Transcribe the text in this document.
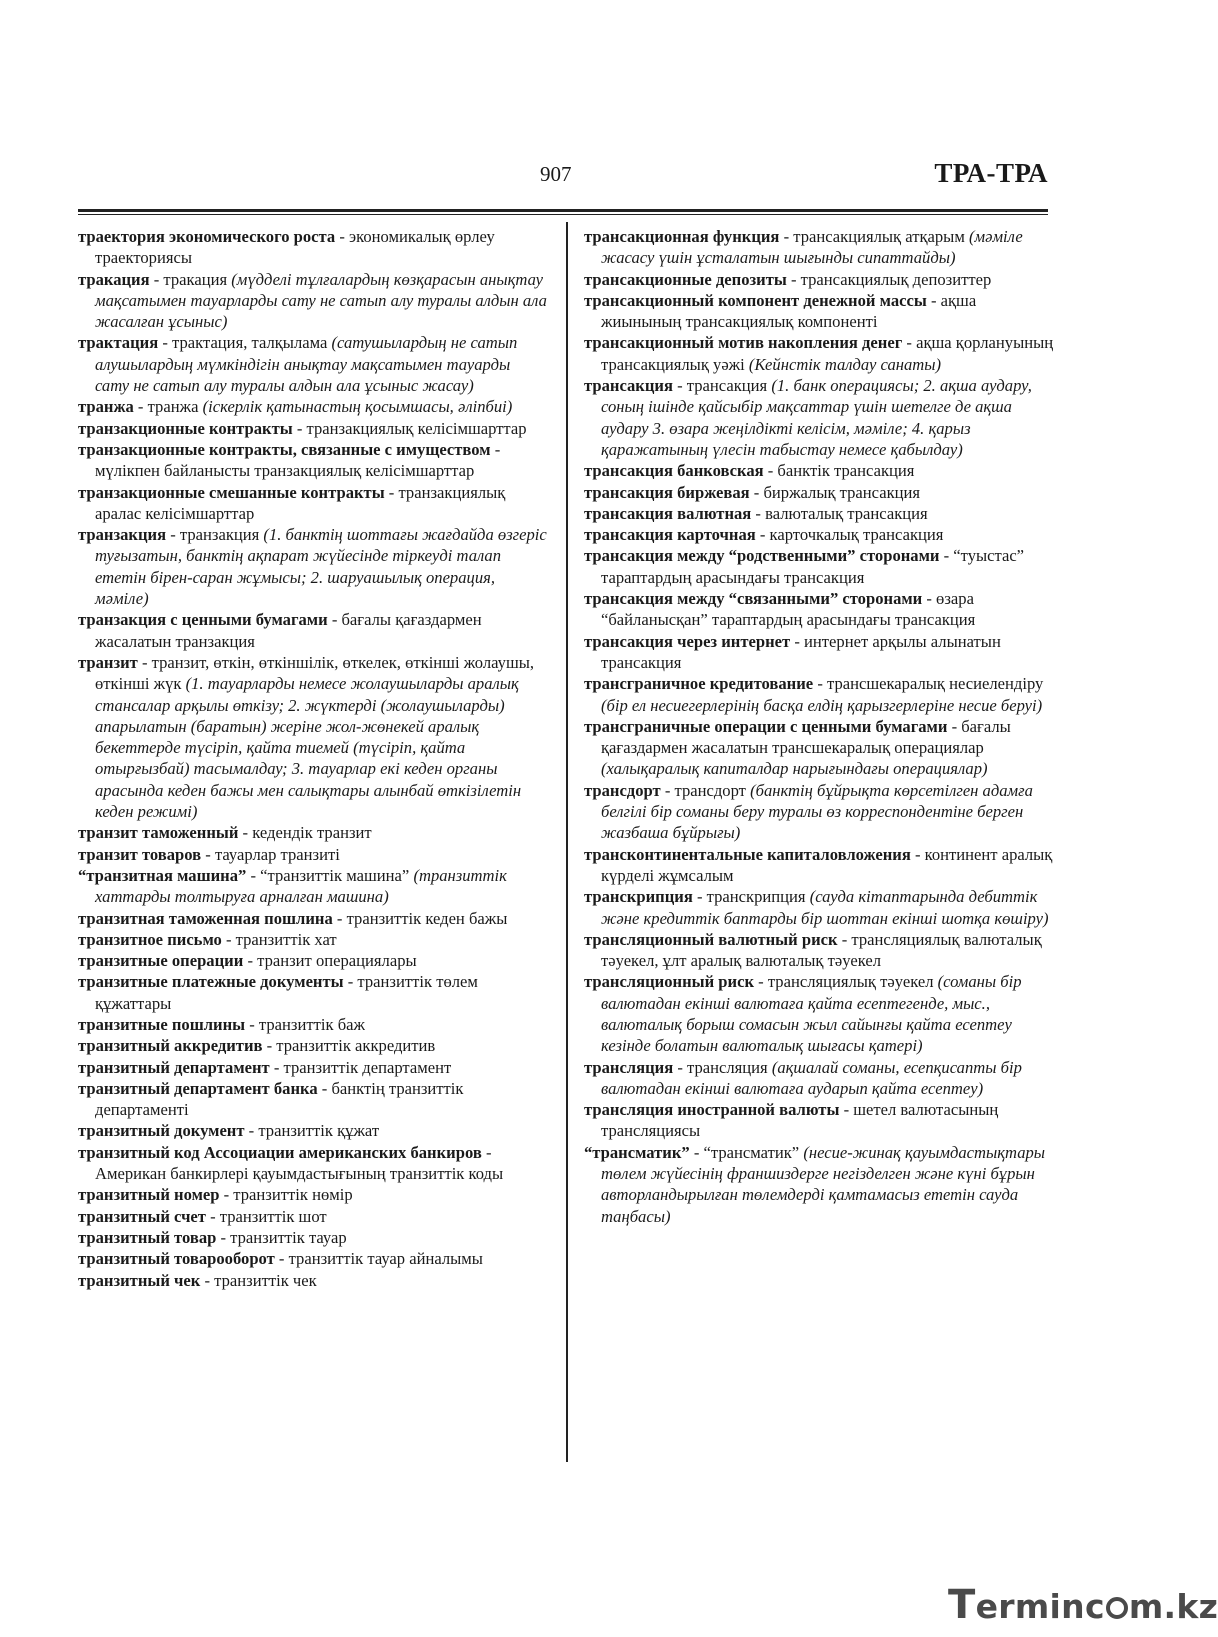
907	ТРА-ТРА

траектория экономического роста - экономикалық өрлеу траекториясы

тракация - тракация (мүдделі тұлғалардың көзқарасын анықтау мақсатымен тауарларды сату не сатып алу туралы алдын ала жасалған ұсыныс)

трактация - трактация, талқылама (сатушылардың не сатып алушылардың мүмкіндігін анықтау мақсатымен тауарды сату не сатып алу туралы алдын ала ұсыныс жасау)

транжа - транжа (іскерлік қатынастың қосымшасы, әліпбиі)

транзакционные контракты - транзакциялық келісімшарттар

транзакционные контракты, связанные с имуществом - мүлікпен байланысты транзакциялық келісімшарттар

транзакционные смешанные контракты - транзакциялық аралас келісімшарттар

транзакция - транзакция (1. банктің шоттағы жағдайда өзгеріс туғызатын, банктің ақпарат жүйесінде тіркеуді талап ететін бірен-саран жұмысы; 2. шаруашылық операция, мәміле)

транзакция с ценными бумагами - бағалы қағаздармен жасалатын транзакция

транзит - транзит, өткін, өткіншілік, өткелек, өткінші жолаушы, өткінші жүк (1. тауарларды немесе жолаушыларды аралық стансалар арқылы өткізу; 2. жүктерді (жолаушыларды) апарылатын (баратын) жеріне жол-жөнекей аралық бекеттерде түсіріп, қайта тиемей (түсіріп, қайта отырғызбай) тасымалдау; 3. тауарлар екі кеден органы арасында кеден бажы мен салықтары алынбай өткізілетін кеден режимі)

транзит таможенный - кедендік транзит

транзит товаров - тауарлар транзиті

“транзитная машина” - “транзиттік машина” (транзиттік хаттарды толтыруға арналған машина)

транзитная таможенная пошлина - транзиттік кеден бажы

транзитное письмо - транзиттік хат

транзитные операции - транзит операциялары

транзитные платежные документы - транзиттік төлем құжаттары

транзитные пошлины - транзиттік баж

транзитный аккредитив - транзиттік аккредитив

транзитный департамент - транзиттік департамент

транзитный департамент банка - банктің транзиттік департаменті

транзитный документ - транзиттік құжат

транзитный код Ассоциации американских банкиров - Американ банкирлері қауымдастығының транзиттік коды

транзитный номер - транзиттік нөмір

транзитный счет - транзиттік шот

транзитный товар - транзиттік тауар

транзитный товарооборот - транзиттік тауар айналымы

транзитный чек - транзиттік чек

трансакционная функция - трансакциялық атқарым (мәміле жасасу үшін ұсталатын шығынды сипаттайды)

трансакционные депозиты - трансакциялық депозиттер

трансакционный компонент денежной массы - ақша жиынының трансакциялық компоненті

трансакционный мотив накопления денег - ақша қорлануының трансакциялық уәжі (Кейнстік талдау санаты)

трансакция - трансакция (1. банк операциясы; 2. ақша аудару, соның ішінде қайсыбір мақсаттар үшін шетелге де ақша аудару 3. өзара жеңілдікті келісім, мәміле; 4. қарыз қаражатының үлесін табыстау немесе қабылдау)

трансакция банковская - банктік трансакция

трансакция биржевая - биржалық трансакция

трансакция валютная - валюталық трансакция

трансакция карточная - карточкалық трансакция

трансакция между “родственными” сторонами - “туыстас” тараптардың арасындағы трансакция

трансакция между “связанными” сторонами - өзара “байланысқан” тараптардың арасындағы трансакция

трансакция через интернет - интернет арқылы алынатын трансакция

трансграничное кредитование - трансшекаралық несиелендіру (бір ел несиегерлерінің басқа елдің қарызгерлеріне несие беруі)

трансграничные операции с ценными бумагами - бағалы қағаздармен жасалатын трансшекаралық операциялар (халықаралық капиталдар нарығындағы операциялар)

трансдорт - трансдорт (банктің бұйрықта көрсетілген адамға белгілі бір соманы беру туралы өз корреспондентіне берген жазбаша бұйрығы)

трансконтинентальные капиталовложения - континент аралық күрделі жұмсалым

транскрипция - транскрипция (сауда кітаптарында дебиттік және кредиттік баптарды бір шоттан екінші шотқа көшіру)

трансляционный валютный риск - трансляциялық валюталық тәуекел, ұлт аралық валюталық тәуекел

трансляционный риск - трансляциялық тәуекел (соманы бір валютадан екінші валютаға қайта есептегенде, мыс., валюталық борыш сомасын жыл сайынғы қайта есептеу кезінде болатын валюталық шығасы қатері)

трансляция - трансляция (ақшалай соманы, есепқисапты бір валютадан екінші валютаға аударып қайта есептеу)

трансляция иностранной валюты - шетел валютасының трансляциясы

“трансматик” - “трансматик” (несие-жинақ қауымдастықтары төлем жүйесінің франшиздерге негізделген және күні бұрын авторландырылған төлемдерді қамтамасыз ететін сауда таңбасы)

Terminc m.kz
